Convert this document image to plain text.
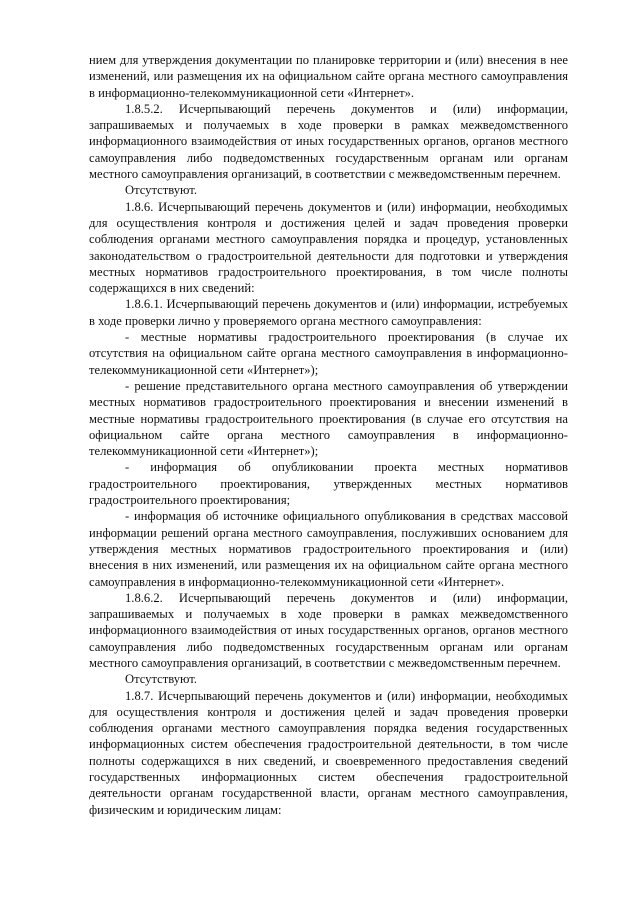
нием для утверждения документации по планировке территории и (или) внесения в нее изменений, или размещения их на официальном сайте органа местного самоуправления в информационно-телекоммуникационной сети «Интернет».

1.8.5.2. Исчерпывающий перечень документов и (или) информации, запрашиваемых и получаемых в ходе проверки в рамках межведомственного информационного взаимодействия от иных государственных органов, органов местного самоуправления либо подведомственных государственным органам или органам местного самоуправления организаций, в соответствии с межведомственным перечнем.

Отсутствуют.

1.8.6. Исчерпывающий перечень документов и (или) информации, необходимых для осуществления контроля и достижения целей и задач проведения проверки соблюдения органами местного самоуправления порядка и процедур, установленных законодательством о градостроительной деятельности для подготовки и утверждения местных нормативов градостроительного проектирования, в том числе полноты содержащихся в них сведений:

1.8.6.1. Исчерпывающий перечень документов и (или) информации, истребуемых в ходе проверки лично у проверяемого органа местного самоуправления:

- местные нормативы градостроительного проектирования (в случае их отсутствия на официальном сайте органа местного самоуправления в информационно-телекоммуникационной сети «Интернет»);

- решение представительного органа местного самоуправления об утверждении местных нормативов градостроительного проектирования и внесении изменений в местные нормативы градостроительного проектирования (в случае его отсутствия на официальном сайте органа местного самоуправления в информационно-телекоммуникационной сети «Интернет»);

- информация об опубликовании проекта местных нормативов градостроительного проектирования, утвержденных местных нормативов градостроительного проектирования;

- информация об источнике официального опубликования в средствах массовой информации решений органа местного самоуправления, послуживших основанием для утверждения местных нормативов градостроительного проектирования и (или) внесения в них изменений, или размещения их на официальном сайте органа местного самоуправления в информационно-телекоммуникационной сети «Интернет».

1.8.6.2. Исчерпывающий перечень документов и (или) информации, запрашиваемых и получаемых в ходе проверки в рамках межведомственного информационного взаимодействия от иных государственных органов, органов местного самоуправления либо подведомственных государственным органам или органам местного самоуправления организаций, в соответствии с межведомственным перечнем.

Отсутствуют.

1.8.7. Исчерпывающий перечень документов и (или) информации, необходимых для осуществления контроля и достижения целей и задач проведения проверки соблюдения органами местного самоуправления порядка ведения государственных информационных систем обеспечения градостроительной деятельности, в том числе полноты содержащихся в них сведений, и своевременного предоставления сведений государственных информационных систем обеспечения градостроительной деятельности органам государственной власти, органам местного самоуправления, физическим и юридическим лицам:
